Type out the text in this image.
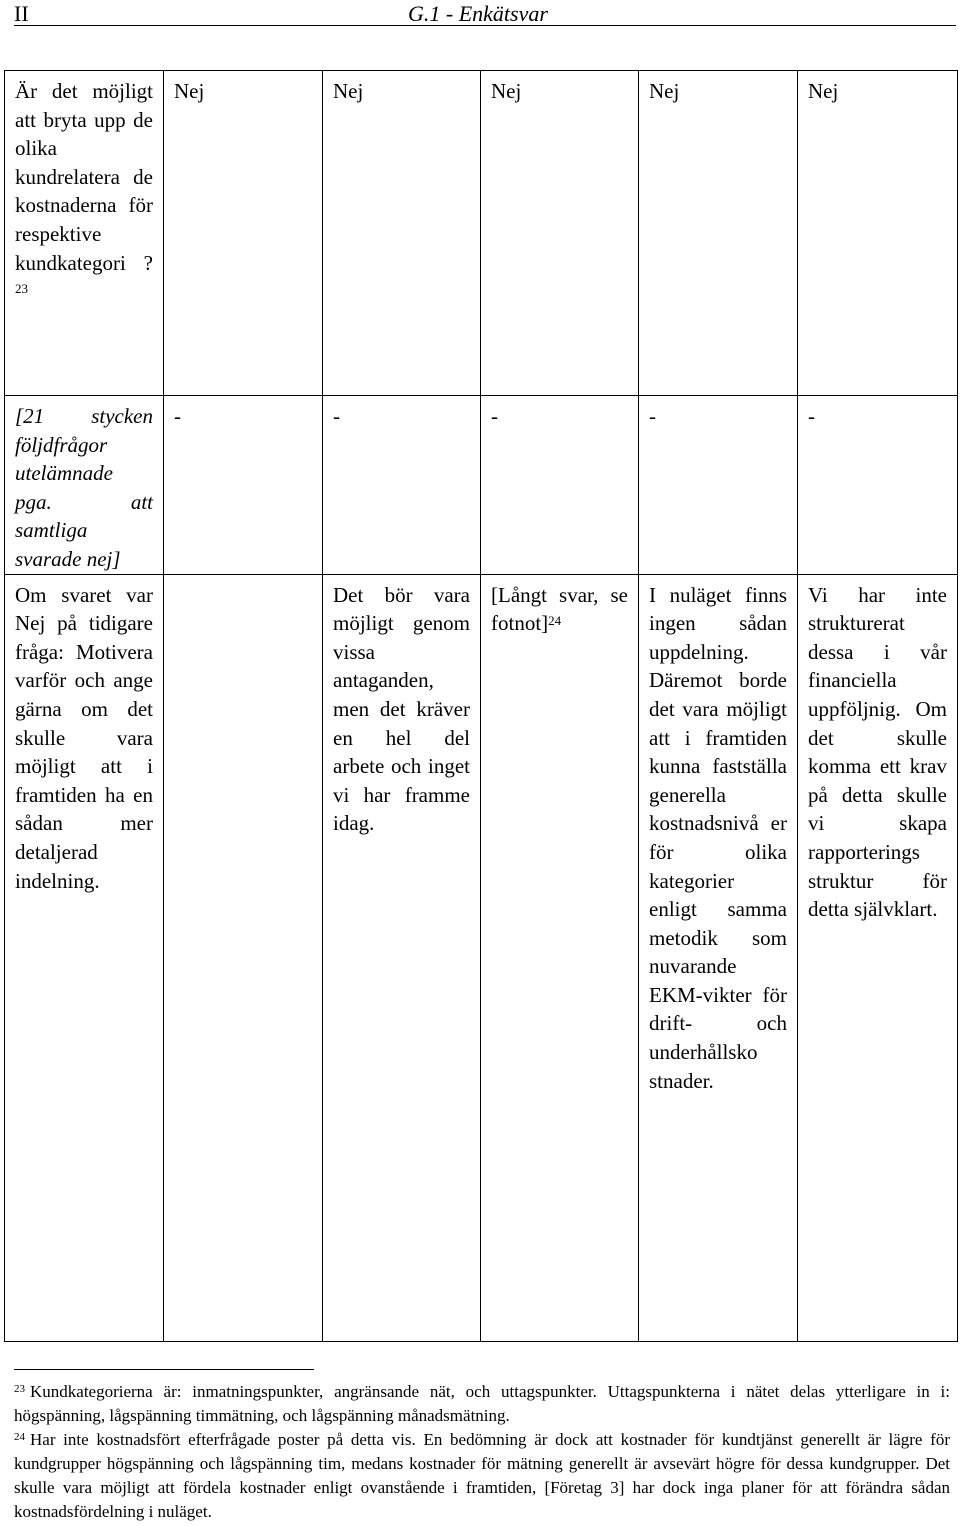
II	G.1 - Enkätsvar
Är det möjligt att bryta upp de olika kundrelatera de kostnaderna för respektive kundkategori ?$^{23}$	Nej	Nej	Nej	Nej	Nej
[21 stycken följdfrågor utelämnade pga. att samtliga svarade nej]	-	-	-	-	-
Om svaret var Nej på tidigare fråga: Motivera varför och ange gärna om det skulle vara möjligt att i framtiden ha en sådan mer detaljerad indelning.		Det bör vara möjligt genom vissa antaganden, men det kräver en hel del arbete och inget vi har framme idag.	[Långt svar, se fotnot]$^{24}$	I nuläget finns ingen sådan uppdelning. Däremot borde det vara möjligt att i framtiden kunna fastställa generella kostnadsnivå er för olika kategorier enligt samma metodik som nuvarande EKM-vikter för drift- och underhållsko stnader.	Vi har inte strukturerat dessa i vår financiella uppföljnig. Om det skulle komma ett krav på detta skulle vi skapa rapporterings struktur för detta självklart.
$^{23}$ Kundkategorierna är: inmatningspunkter, angränsande nät, och uttagspunkter. Uttagspunkterna i nätet delas ytterligare in i: högspänning, lågspänning timmätning, och lågspänning månadsmätning.
$^{24}$ Har inte kostnadsfört efterfrågade poster på detta vis. En bedömning är dock att kostnader för kundtjänst generellt är lägre för kundgrupper högspänning och lågspänning tim, medans kostnader för mätning generellt är avsevärt högre för dessa kundgrupper. Det skulle vara möjligt att fördela kostnader enligt ovanstående i framtiden, [Företag 3] har dock inga planer för att förändra sådan kostnadsfördelning i nuläget.
